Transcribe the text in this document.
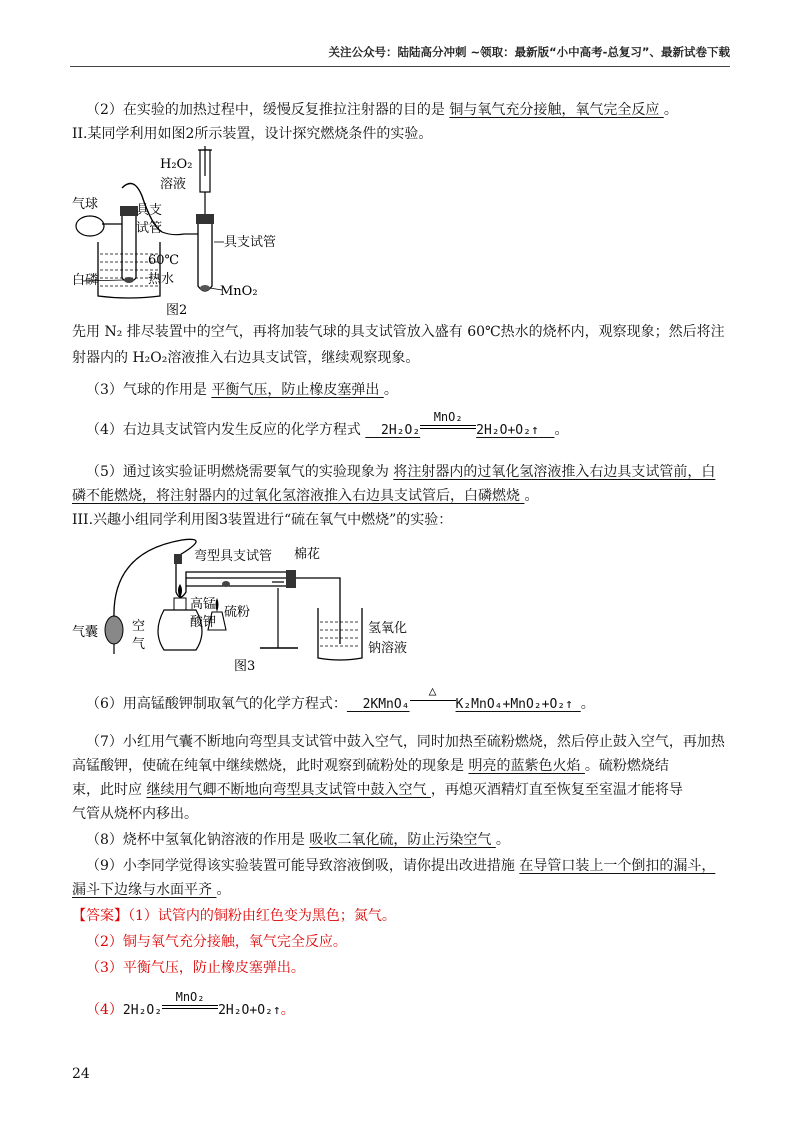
关注公众号：陆陆高分冲刺 ~领取：最新版“小中高考-总复习”、最新试卷下载
（2）在实验的加热过程中，缓慢反复推拉注射器的目的是 铜与氧气充分接触，氧气完全反应 。
II.某同学利用如图2所示装置，设计探究燃烧条件的实验。
H₂O₂
溶液
气球	具支
试管
60℃
热水
白磷
具支试管
MnO₂
图2
先用 N₂ 排尽装置中的空气，再将加装气球的具支试管放入盛有 60℃热水的烧杯内，观察现象；然后将注
射器内的 H₂O₂溶液推入右边具支试管，继续观察现象。
（3）气球的作用是 平衡气压，防止橡皮塞弹出 。
（4）右边具支试管内发生反应的化学方程式   2H₂O₂
MnO₂
2H₂O+O₂↑ 。
（5）通过该实验证明燃烧需要氧气的实验现象为 将注射器内的过氧化氢溶液推入右边具支试管前，白
磷不能燃烧，将注射器内的过氧化氢溶液推入右边具支试管后，白磷燃烧 。
III.兴趣小组同学利用图3装置进行“硫在氧气中燃烧”的实验：
弯型具支试管 棉花
高锰
酸钾
硫粉
气囊	空
气
氢氧化
钠溶液
图3
（6）用高锰酸钾制取氧气的化学方程式： 2KMnO₄
△
K₂MnO₄+MnO₂+O₂↑ 。
（7）小红用气囊不断地向弯型具支试管中鼓入空气，同时加热至硫粉燃烧，然后停止鼓入空气，再加热
高锰酸钾，使硫在纯氧中继续燃烧，此时观察到硫粉处的现象是 明亮的蓝紫色火焰 。硫粉燃烧结
束，此时应 继续用气卿不断地向弯型具支试管中鼓入空气 ，再熄灭酒精灯直至恢复至室温才能将导
气管从烧杯内移出。
（8）烧杯中氢氧化钠溶液的作用是 吸收二氧化硫，防止污染空气 。
（9）小李同学觉得该实验装置可能导致溶液倒吸，请你提出改进措施 在导管口装上一个倒扣的漏斗，
漏斗下边缘与水面平齐 。
【答案】（1）试管内的铜粉由红色变为黑色；氮气。
（2）铜与氧气充分接触，氧气完全反应。
（3）平衡气压，防止橡皮塞弹出。
（4）2H₂O₂
MnO₂
2H₂O+O₂↑。
24
